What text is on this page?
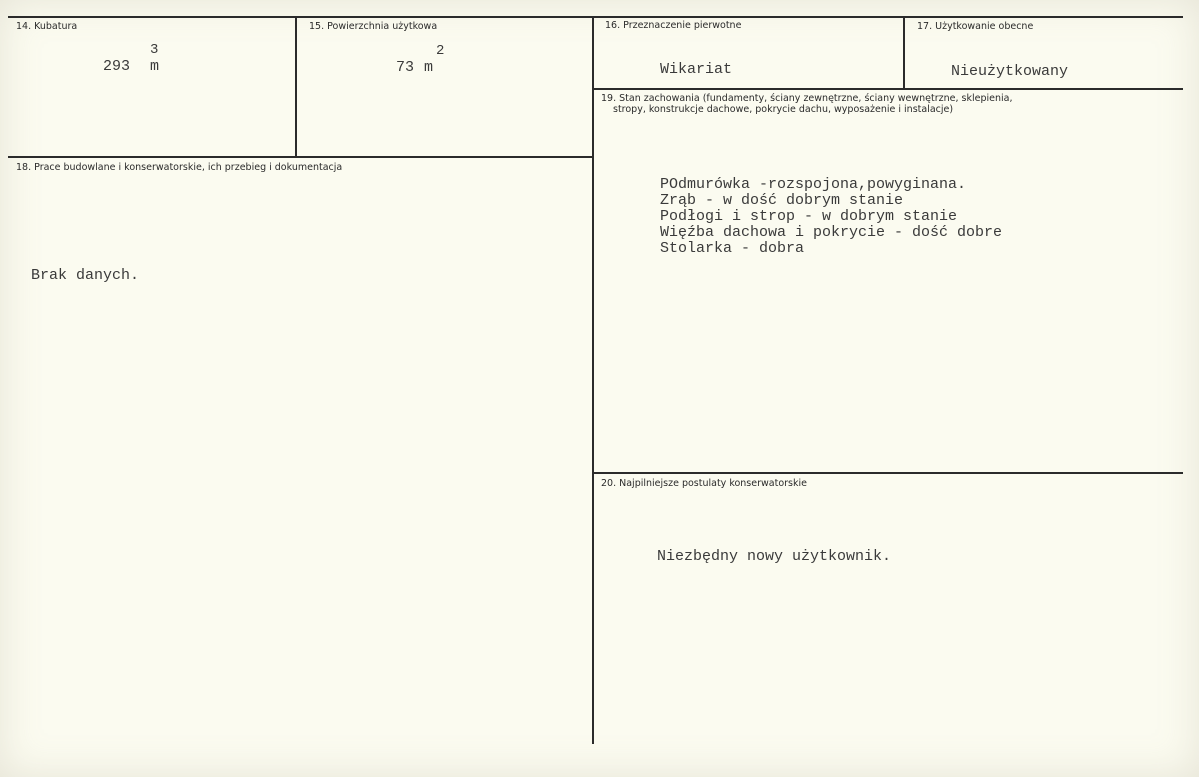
14. Kubatura
3
293 m
15. Powierzchnia użytkowa
2
73 m
16. Przeznaczenie pierwotne
Wikariat
17. Użytkowanie obecne
Nieużytkowany
18. Prace budowlane i konserwatorskie, ich przebieg i dokumentacja
Brak danych.
19. Stan zachowania (fundamenty, ściany zewnętrzne, ściany wewnętrzne, sklepienia,
stropy, konstrukcje dachowe, pokrycie dachu, wyposażenie i instalacje)
POdmurówka -rozspojona,powyginana.
Zrąb - w dość dobrym stanie
Podłogi i strop - w dobrym stanie
Więźba dachowa i pokrycie - dość dobre
Stolarka - dobra
20. Najpilniejsze postulaty konserwatorskie
Niezbędny nowy użytkownik.
